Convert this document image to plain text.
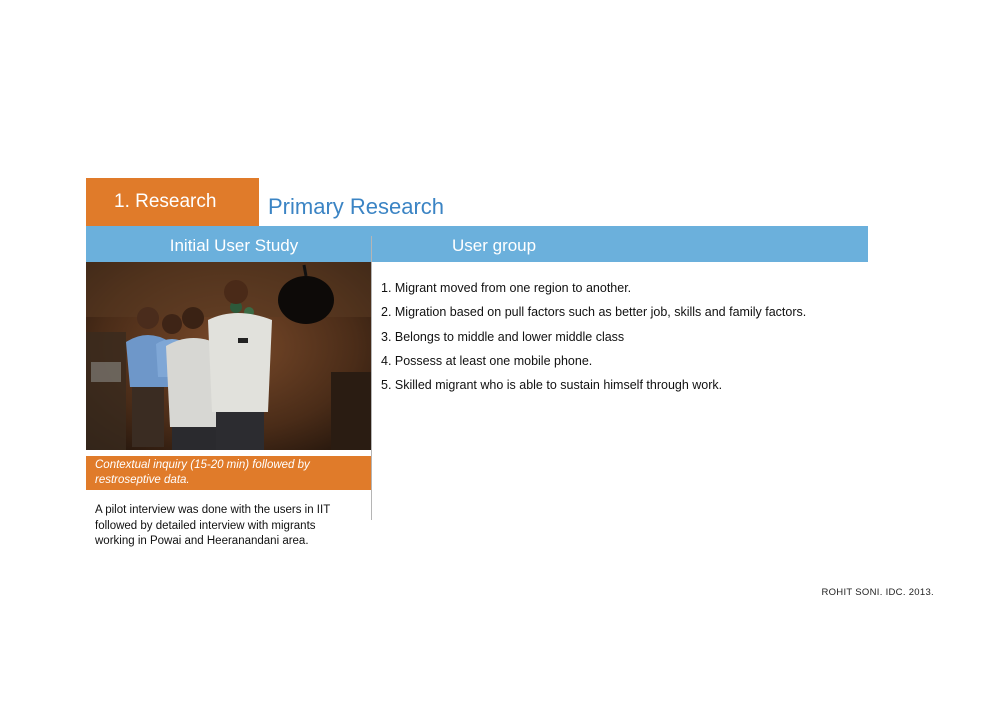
1. Research	Primary Research
Initial User Study	User group
Contextual inquiry (15-20 min) followed by restroseptive data.
A pilot interview was done with the users in IIT followed by detailed interview with migrants working in Powai and Heeranandani area.
1. Migrant moved from one region to another.
2. Migration based on pull factors such as better job, skills and family factors.
3. Belongs to middle and lower middle class
4. Possess at least one mobile phone.
5. Skilled migrant who is able to sustain himself through work.
ROHIT SONI. IDC. 2013.
